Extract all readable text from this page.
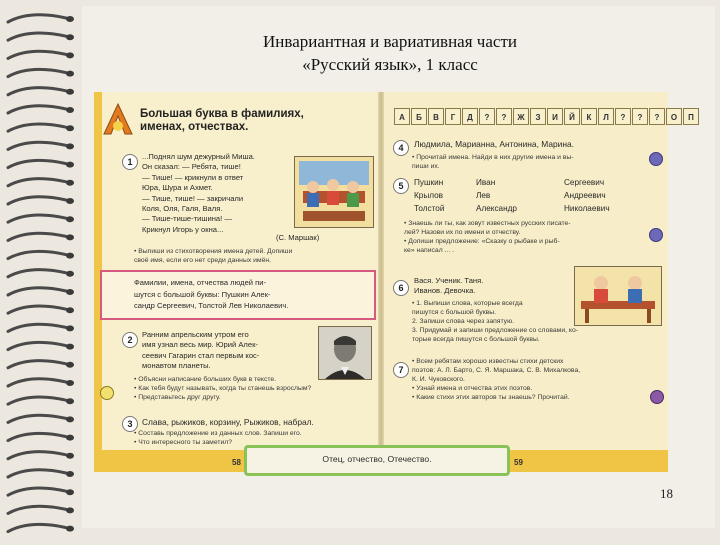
Инвариантная и вариативная части
«Русский язык», 1 класс
Большая буква в фамилиях,
именах, отчествах.
А	Б	В	Г	Д	?	?	Ж	З	И	Й	К	Л	?	?	?	О	П
1
...Поднял шум дежурный Миша.
Он сказал: — Ребята, тише!
— Тише! — крикнули в ответ
Юра, Шура и Ахмет.
— Тише, тише! — закричали
Коля, Оля, Галя, Валя.
— Тише-тише-тишина! —
Крикнул Игорь у окна...
(С. Маршак)
• Выпиши из стихотворения имена детей. Допиши
своё имя, если его нет среди данных имён.
Фамилии, имена, отчества людей пи-
шутся с большой буквы: Пушкин Алек-
сандр Сергеевич, Толстой Лев Николаевич.
2
Ранним апрельским утром его
имя узнал весь мир. Юрий Алек-
сеевич Гагарин стал первым кос-
монавтом планеты.
• Объясни написание больших букв в тексте.
• Как тебя будут называть, когда ты станешь взрослым?
• Представьтесь друг другу.
3	Слава, рыжиков, корзину, Рыжиков, набрал.
• Составь предложение из данных слов. Запиши его.
• Что интересного ты заметил?
4	Людмила, Марианна, Антонина, Марина.
• Прочитай имена. Найди в них другие имена и вы-
пиши их.
5	Пушкин	Иван	Сергеевич
Крылов	Лев	Андреевич
Толстой	Александр	Николаевич
• Знаешь ли ты, как зовут известных русских писате-
лей? Назови их по имени и отчеству.
• Допиши предложение: «Сказку о рыбаке и рыб-
ке» написал ... .
6
Вася. Ученик. Таня.
Иванов. Девочка.
• 1. Выпиши слова, которые всегда
пишутся с большой буквы.
2. Запиши слова через запятую.
3. Придумай и запиши предложение со словами, ко-
торые всегда пишутся с большой буквы.
7
• Всем ребятам хорошо известны стихи детских
поэтов: А. Л. Барто, С. Я. Маршака, С. В. Михалкова,
К. И. Чуковского.
• Узнай имена и отчества этих поэтов.
• Какие стихи этих авторов ты знаешь? Прочитай.
Отец, отчество, Отечество.
58	59
18
